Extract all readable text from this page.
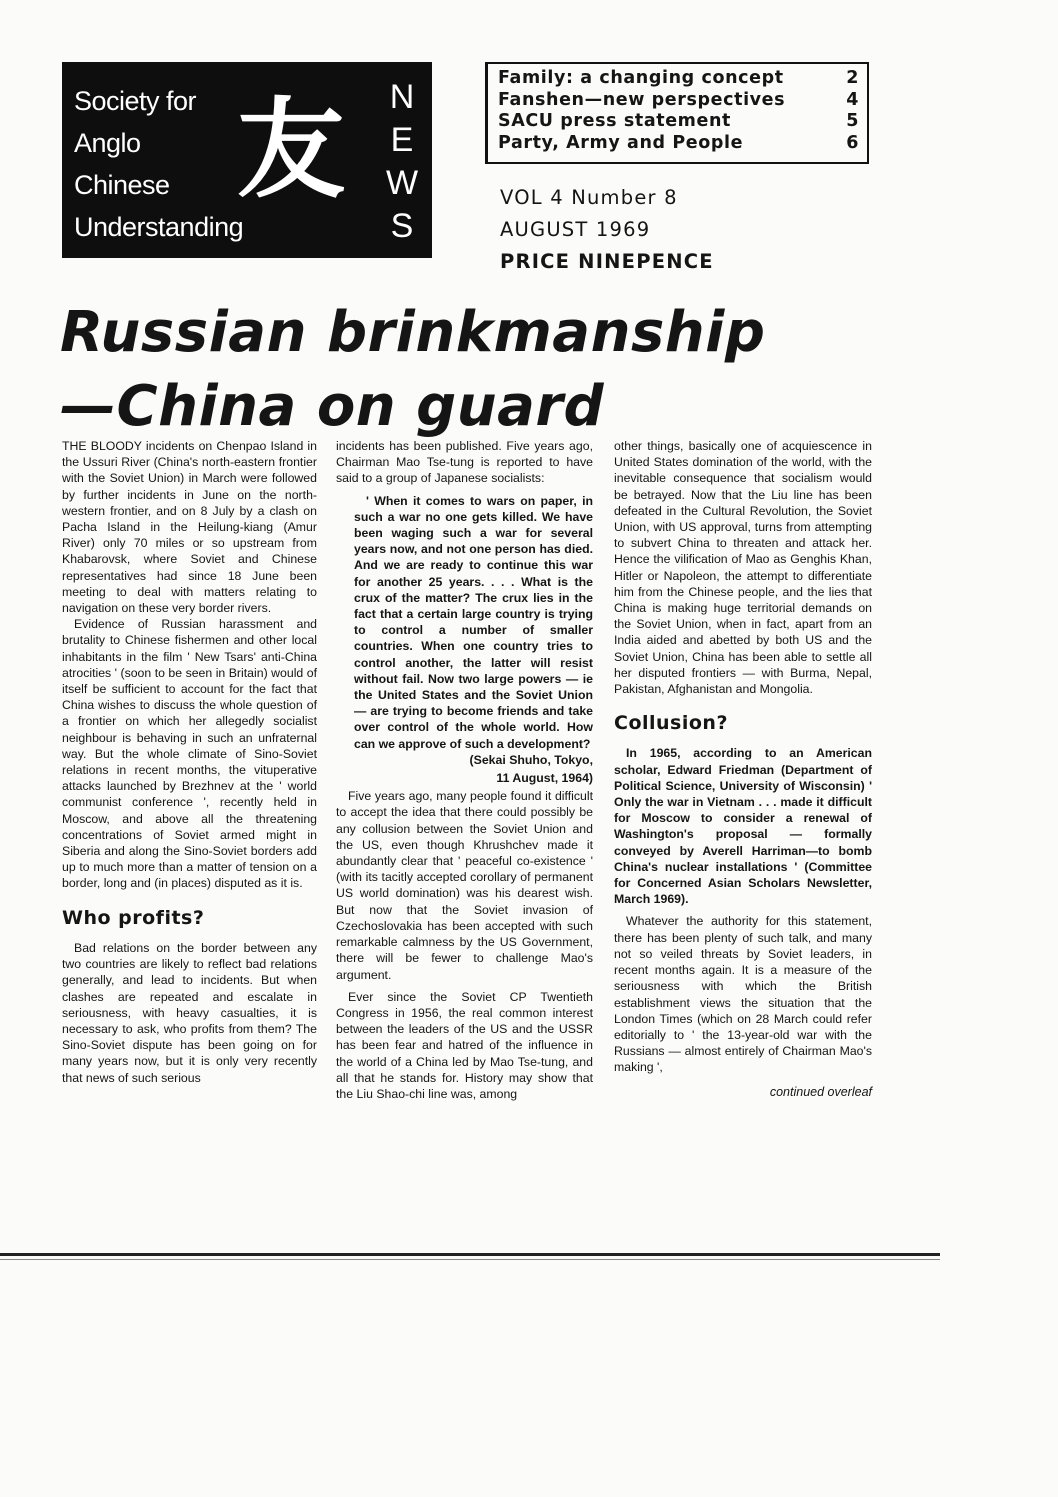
Society for
Anglo
Chinese
Understanding
友 N
E
W
S
Family: a changing concept	2
Fanshen—new perspectives	4
SACU press statement	5
Party, Army and People	6
VOL 4 Number 8
AUGUST 1969
PRICE NINEPENCE
Russian brinkmanship
—China on guard

THE BLOODY incidents on Chenpao Island in the Ussuri River (China's north-eastern frontier with the Soviet Union) in March were followed by further incidents in June on the north-western frontier, and on 8 July by a clash on Pacha Island in the Heilung-kiang (Amur River) only 70 miles or so upstream from Khabarovsk, where Soviet and Chinese representatives had since 18 June been meeting to deal with matters relating to navigation on these very border rivers.

Evidence of Russian harassment and brutality to Chinese fishermen and other local inhabitants in the film ' New Tsars' anti-China atrocities ' (soon to be seen in Britain) would of itself be sufficient to account for the fact that China wishes to discuss the whole question of a frontier on which her allegedly socialist neighbour is behaving in such an unfraternal way. But the whole climate of Sino-Soviet relations in recent months, the vituperative attacks launched by Brezhnev at the ' world communist conference ', recently held in Moscow, and above all the threatening concentrations of Soviet armed might in Siberia and along the Sino-Soviet borders add up to much more than a matter of tension on a border, long and (in places) disputed as it is.

Who profits?

Bad relations on the border between any two countries are likely to reflect bad relations generally, and lead to incidents. But when clashes are repeated and escalate in seriousness, with heavy casualties, it is necessary to ask, who profits from them? The Sino-Soviet dispute has been going on for many years now, but it is only very recently that news of such serious

incidents has been published. Five years ago, Chairman Mao Tse-tung is reported to have said to a group of Japanese socialists:

' When it comes to wars on paper, in such a war no one gets killed. We have been waging such a war for several years now, and not one person has died. And we are ready to continue this war for another 25 years. . . . What is the crux of the matter? The crux lies in the fact that a certain large country is trying to control a number of smaller countries. When one country tries to control another, the latter will resist without fail. Now two large powers — ie the United States and the Soviet Union — are trying to become friends and take over control of the whole world. How can we approve of such a development?

(Sekai Shuho, Tokyo,
11 August, 1964)

Five years ago, many people found it difficult to accept the idea that there could possibly be any collusion between the Soviet Union and the US, even though Khrushchev made it abundantly clear that ' peaceful co-existence ' (with its tacitly accepted corollary of permanent US world domination) was his dearest wish. But now that the Soviet invasion of Czechoslovakia has been accepted with such remarkable calmness by the US Government, there will be fewer to challenge Mao's argument.

Ever since the Soviet CP Twentieth Congress in 1956, the real common interest between the leaders of the US and the USSR has been fear and hatred of the influence in the world of a China led by Mao Tse-tung, and all that he stands for. History may show that the Liu Shao-chi line was, among

other things, basically one of acquiescence in United States domination of the world, with the inevitable consequence that socialism would be betrayed. Now that the Liu line has been defeated in the Cultural Revolution, the Soviet Union, with US approval, turns from attempting to subvert China to threaten and attack her. Hence the vilification of Mao as Genghis Khan, Hitler or Napoleon, the attempt to differentiate him from the Chinese people, and the lies that China is making huge territorial demands on the Soviet Union, when in fact, apart from an India aided and abetted by both US and the Soviet Union, China has been able to settle all her disputed frontiers — with Burma, Nepal, Pakistan, Afghanistan and Mongolia.

Collusion?

In 1965, according to an American scholar, Edward Friedman (Department of Political Science, University of Wisconsin) ' Only the war in Vietnam . . . made it difficult for Moscow to consider a renewal of Washington's proposal — formally conveyed by Averell Harriman—to bomb China's nuclear installations ' (Committee for Concerned Asian Scholars Newsletter, March 1969).

Whatever the authority for this statement, there has been plenty of such talk, and many not so veiled threats by Soviet leaders, in recent months again. It is a measure of the seriousness with which the British establishment views the situation that the London Times (which on 28 March could refer editorially to ' the 13-year-old war with the Russians — almost entirely of Chairman Mao's making ',

continued overleaf
